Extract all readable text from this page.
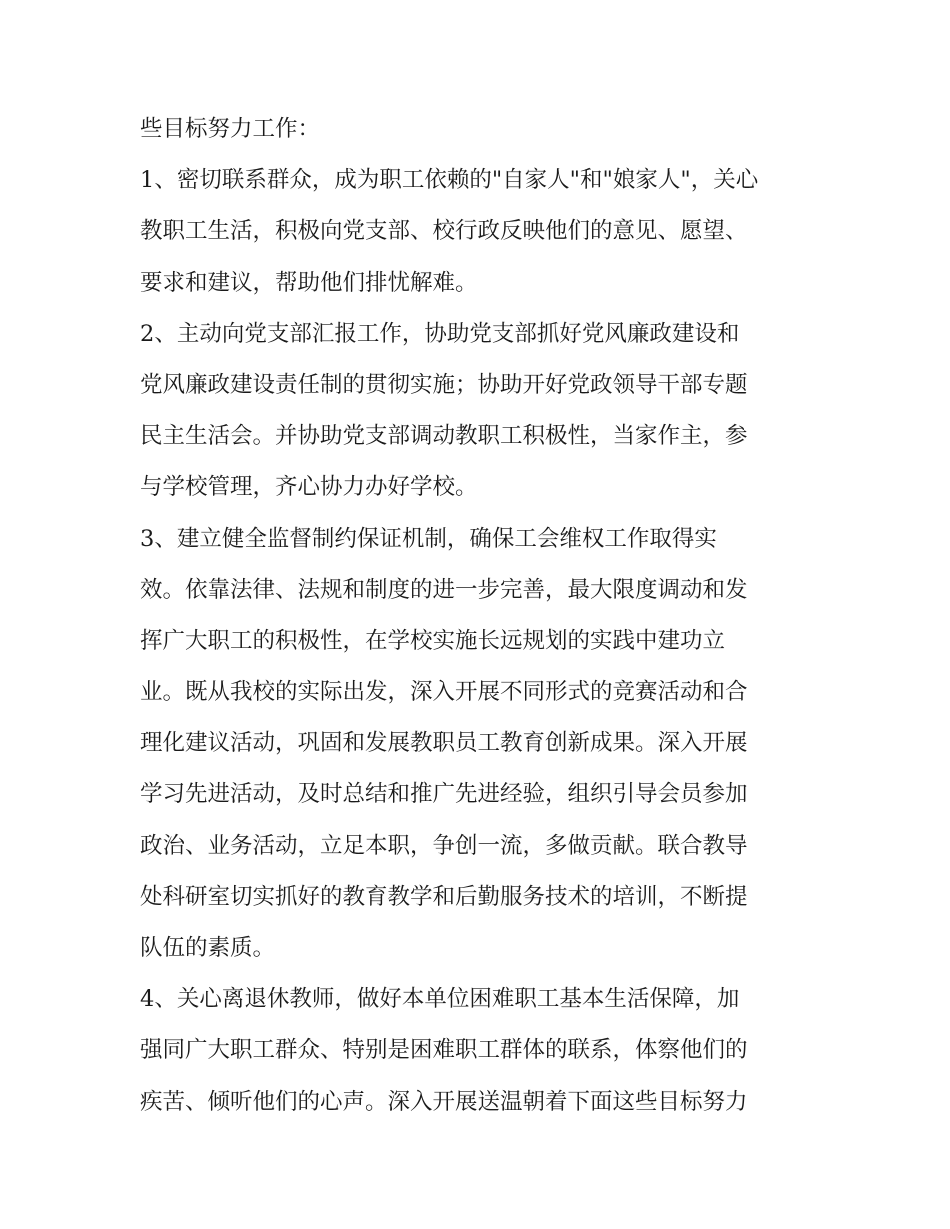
些目标努力工作：
1、密切联系群众，成为职工依赖的"自家人"和"娘家人"，关心
教职工生活，积极向党支部、校行政反映他们的意见、愿望、
要求和建议，帮助他们排忧解难。
2、主动向党支部汇报工作，协助党支部抓好党风廉政建设和
党风廉政建设责任制的贯彻实施；协助开好党政领导干部专题
民主生活会。并协助党支部调动教职工积极性，当家作主，参
与学校管理，齐心协力办好学校。
3、建立健全监督制约保证机制，确保工会维权工作取得实
效。依靠法律、法规和制度的进一步完善，最大限度调动和发
挥广大职工的积极性，在学校实施长远规划的实践中建功立
业。既从我校的实际出发，深入开展不同形式的竞赛活动和合
理化建议活动，巩固和发展教职员工教育创新成果。深入开展
学习先进活动，及时总结和推广先进经验，组织引导会员参加
政治、业务活动，立足本职，争创一流，多做贡献。联合教导
处科研室切实抓好的教育教学和后勤服务技术的培训，不断提
队伍的素质。
4、关心离退休教师，做好本单位困难职工基本生活保障，加
强同广大职工群众、特别是困难职工群体的联系，体察他们的
疾苦、倾听他们的心声。深入开展送温朝着下面这些目标努力
